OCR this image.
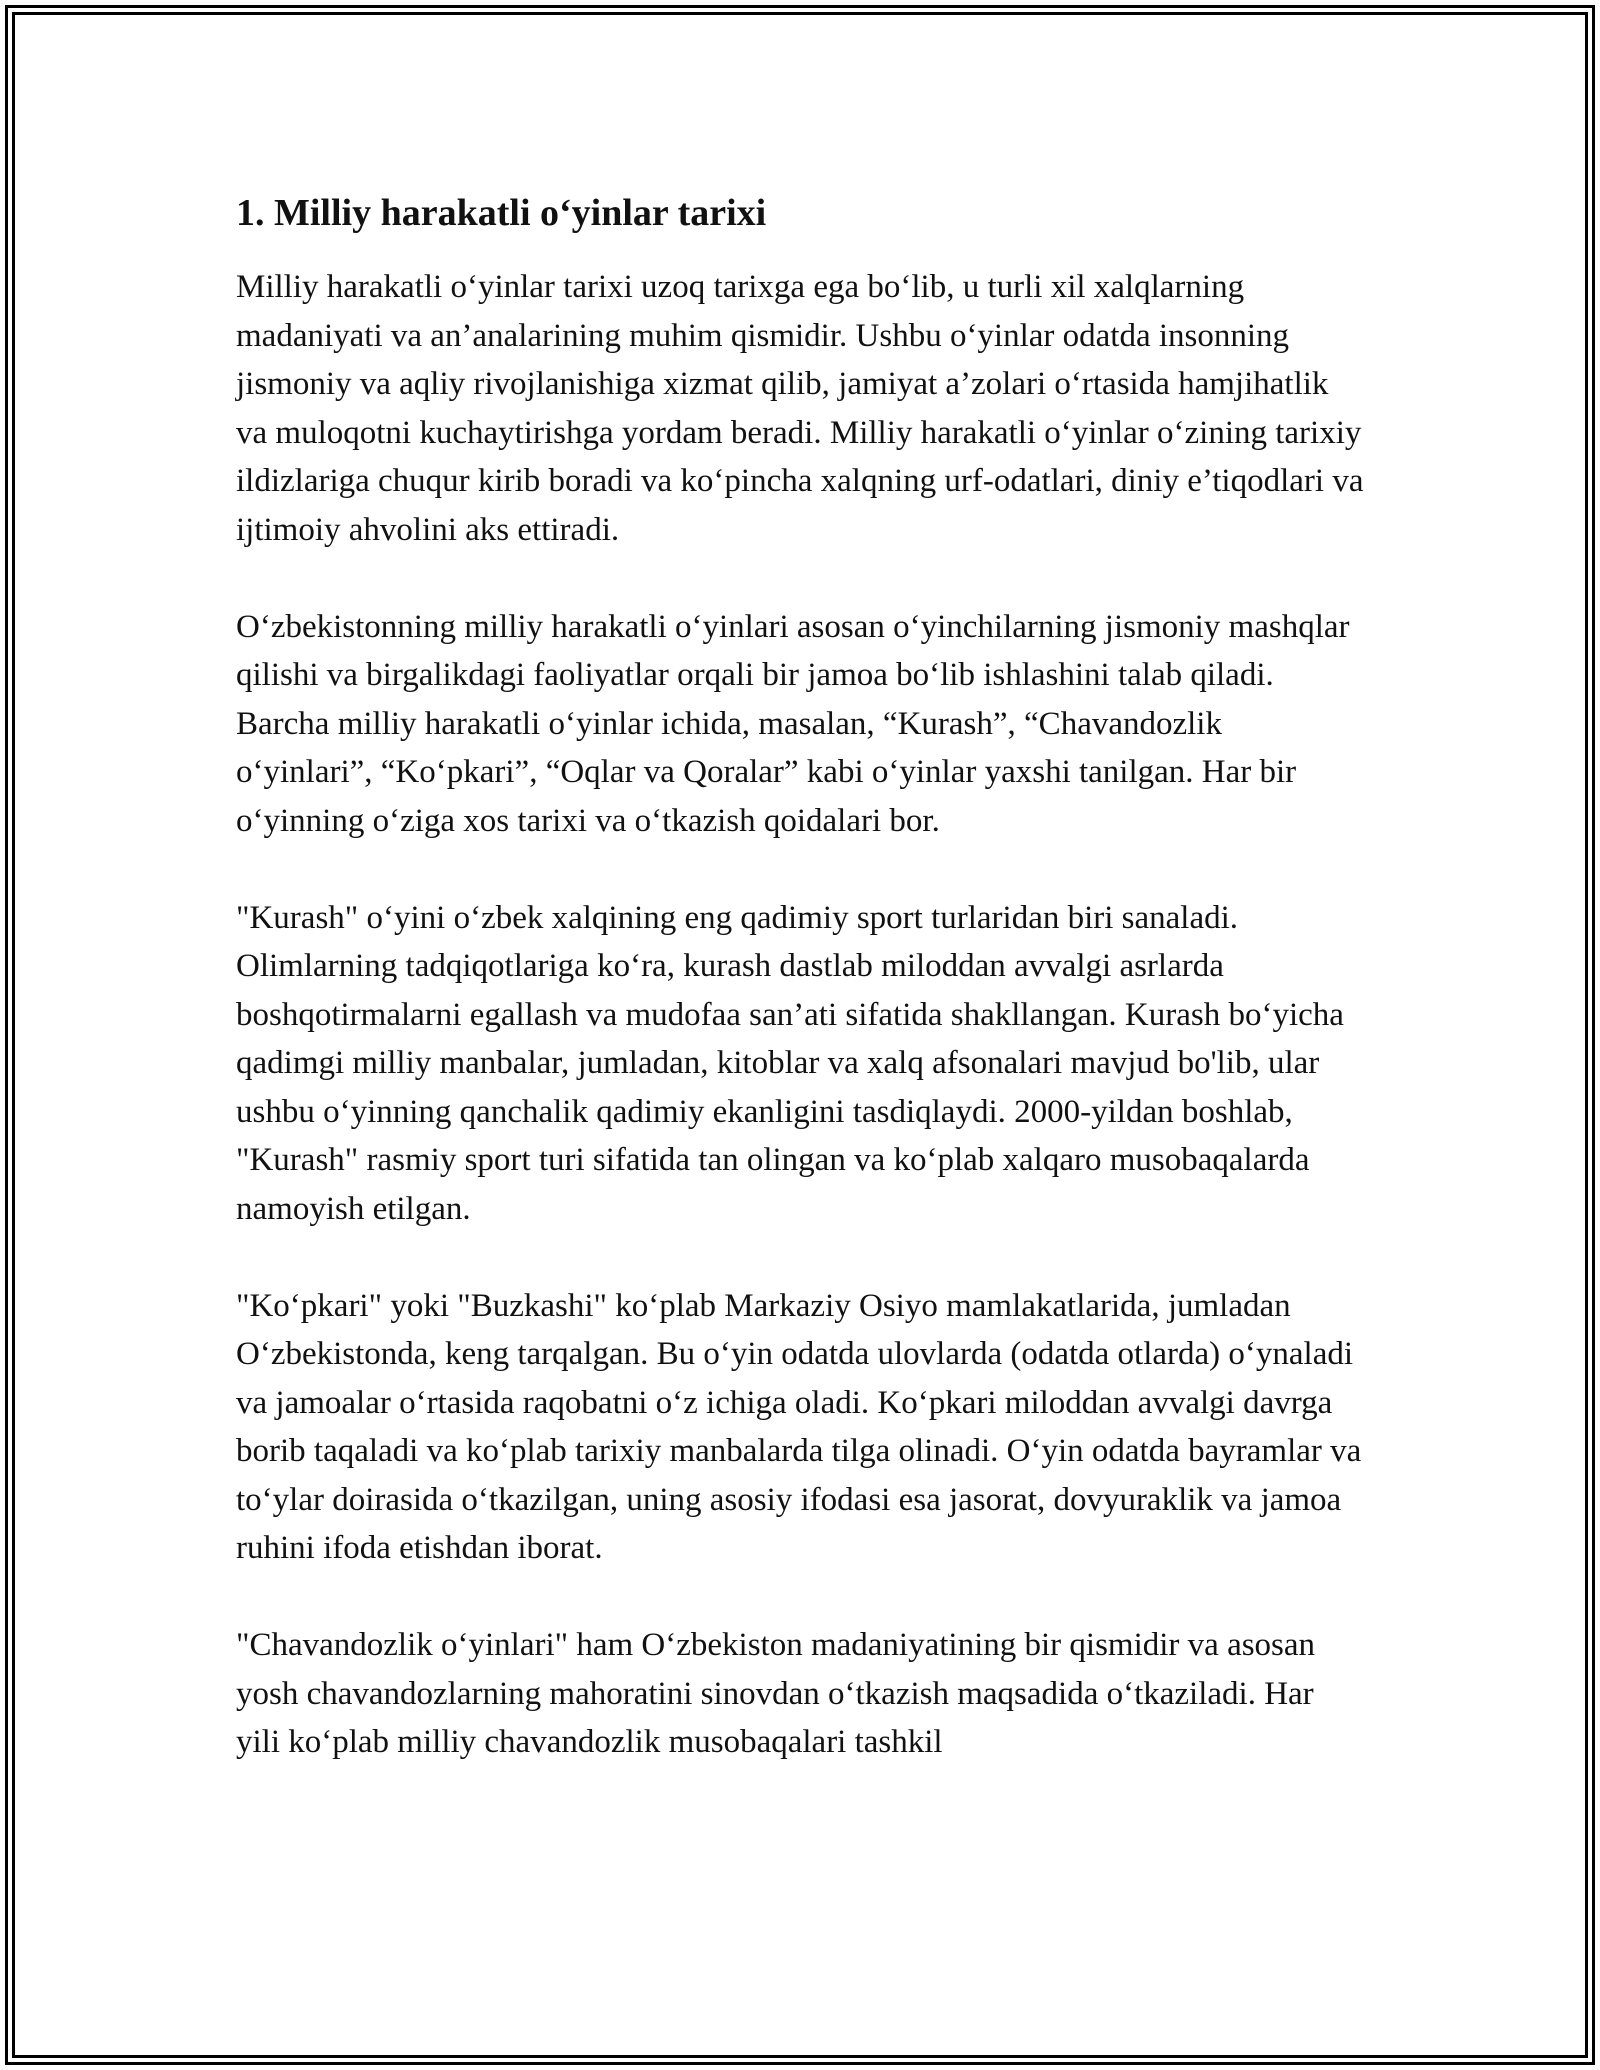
1. Milliy harakatli o‘yinlar tarixi

Milliy harakatli o‘yinlar tarixi uzoq tarixga ega bo‘lib, u turli xil xalqlarning madaniyati va an’analarining muhim qismidir. Ushbu o‘yinlar odatda insonning jismoniy va aqliy rivojlanishiga xizmat qilib, jamiyat a’zolari o‘rtasida hamjihatlik va muloqotni kuchaytirishga yordam beradi. Milliy harakatli o‘yinlar o‘zining tarixiy ildizlariga chuqur kirib boradi va ko‘pincha xalqning urf-odatlari, diniy e’tiqodlari va ijtimoiy ahvolini aks ettiradi.

O‘zbekistonning milliy harakatli o‘yinlari asosan o‘yinchilarning jismoniy mashqlar qilishi va birgalikdagi faoliyatlar orqali bir jamoa bo‘lib ishlashini talab qiladi. Barcha milliy harakatli o‘yinlar ichida, masalan, “Kurash”, “Chavandozlik o‘yinlari”, “Ko‘pkari”, “Oqlar va Qoralar” kabi o‘yinlar yaxshi tanilgan. Har bir o‘yinning o‘ziga xos tarixi va o‘tkazish qoidalari bor.

"Kurash" o‘yini o‘zbek xalqining eng qadimiy sport turlaridan biri sanaladi. Olimlarning tadqiqotlariga ko‘ra, kurash dastlab miloddan avvalgi asrlarda boshqotirmalarni egallash va mudofaa san’ati sifatida shakllangan. Kurash bo‘yicha qadimgi milliy manbalar, jumladan, kitoblar va xalq afsonalari mavjud bo'lib, ular ushbu o‘yinning qanchalik qadimiy ekanligini tasdiqlaydi. 2000-yildan boshlab, "Kurash" rasmiy sport turi sifatida tan olingan va ko‘plab xalqaro musobaqalarda namoyish etilgan.

"Ko‘pkari" yoki "Buzkashi" ko‘plab Markaziy Osiyo mamlakatlarida, jumladan O‘zbekistonda, keng tarqalgan. Bu o‘yin odatda ulovlarda (odatda otlarda) o‘ynaladi va jamoalar o‘rtasida raqobatni o‘z ichiga oladi. Ko‘pkari miloddan avvalgi davrga borib taqaladi va ko‘plab tarixiy manbalarda tilga olinadi. O‘yin odatda bayramlar va to‘ylar doirasida o‘tkazilgan, uning asosiy ifodasi esa jasorat, dovyuraklik va jamoa ruhini ifoda etishdan iborat.

"Chavandozlik o‘yinlari" ham O‘zbekiston madaniyatining bir qismidir va asosan yosh chavandozlarning mahoratini sinovdan o‘tkazish maqsadida o‘tkaziladi. Har yili ko‘plab milliy chavandozlik musobaqalari tashkil
